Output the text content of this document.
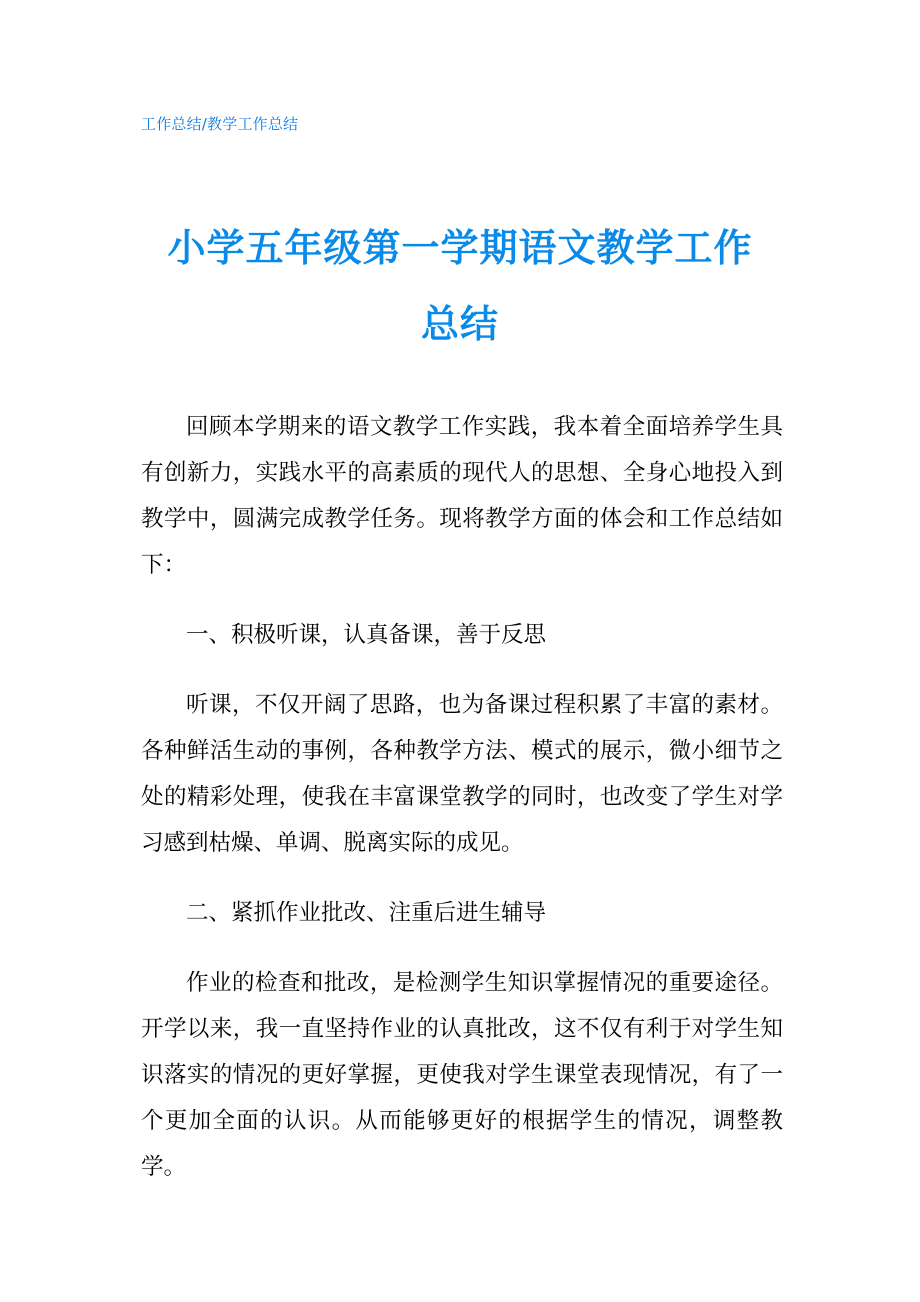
工作总结/教学工作总结
小学五年级第一学期语文教学工作
总结

回顾本学期来的语文教学工作实践，我本着全面培养学生具有创新力，实践水平的高素质的现代人的思想、全身心地投入到教学中，圆满完成教学任务。现将教学方面的体会和工作总结如下：

一、积极听课，认真备课，善于反思

听课，不仅开阔了思路，也为备课过程积累了丰富的素材。各种鲜活生动的事例，各种教学方法、模式的展示，微小细节之处的精彩处理，使我在丰富课堂教学的同时，也改变了学生对学习感到枯燥、单调、脱离实际的成见。

二、紧抓作业批改、注重后进生辅导

作业的检查和批改，是检测学生知识掌握情况的重要途径。开学以来，我一直坚持作业的认真批改，这不仅有利于对学生知识落实的情况的更好掌握，更使我对学生课堂表现情况，有了一个更加全面的认识。从而能够更好的根据学生的情况，调整教学。
